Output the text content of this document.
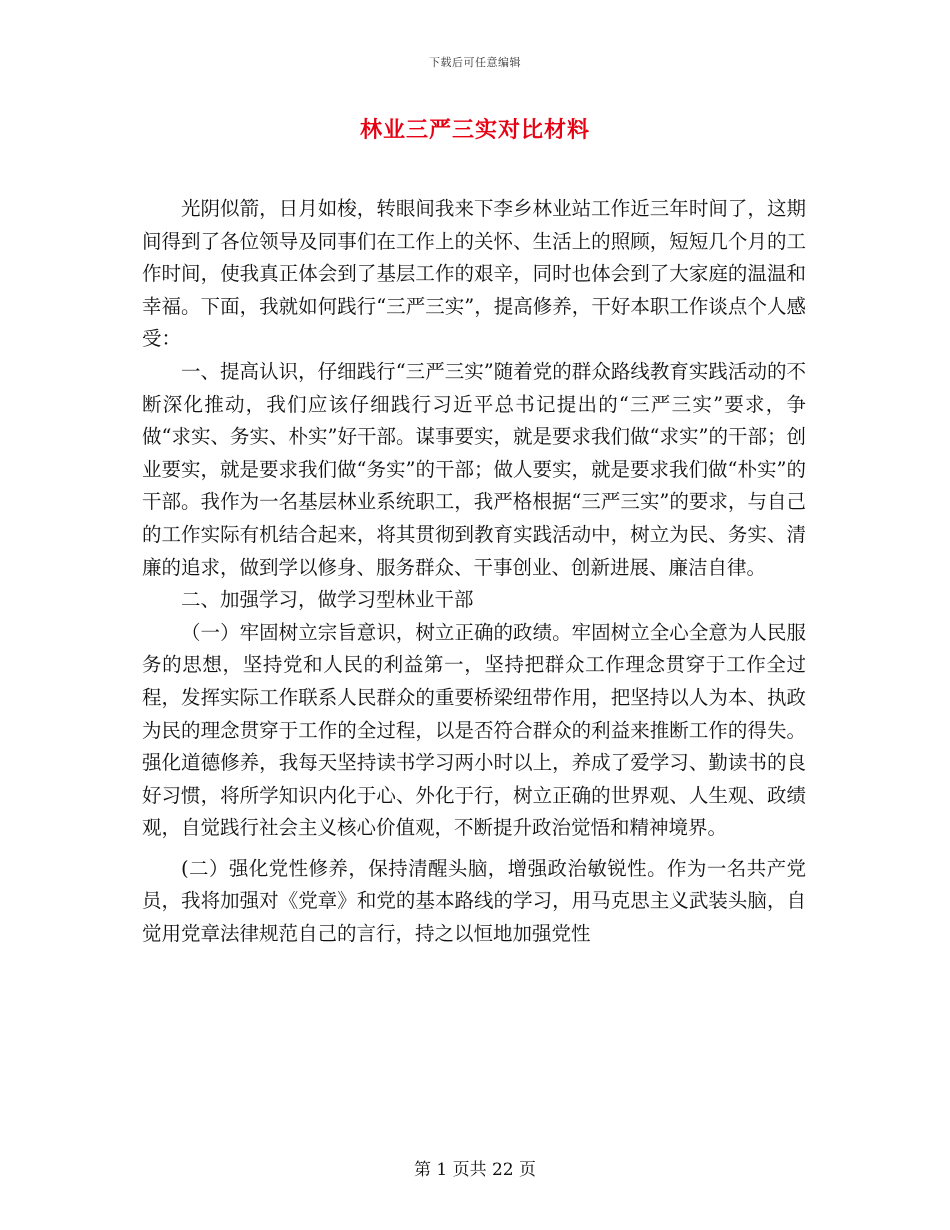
下载后可任意编辑
林业三严三实对比材料

光阴似箭，日月如梭，转眼间我来下李乡林业站工作近三年时间了，这期间得到了各位领导及同事们在工作上的关怀、生活上的照顾，短短几个月的工作时间，使我真正体会到了基层工作的艰辛，同时也体会到了大家庭的温温和幸福。下面，我就如何践行“三严三实”，提高修养，干好本职工作谈点个人感受：

一、提高认识，仔细践行“三严三实”随着党的群众路线教育实践活动的不断深化推动，我们应该仔细践行习近平总书记提出的“三严三实”要求，争做“求实、务实、朴实”好干部。谋事要实，就是要求我们做“求实”的干部；创业要实，就是要求我们做“务实”的干部；做人要实，就是要求我们做“朴实”的干部。我作为一名基层林业系统职工，我严格根据“三严三实”的要求，与自己的工作实际有机结合起来，将其贯彻到教育实践活动中，树立为民、务实、清廉的追求，做到学以修身、服务群众、干事创业、创新进展、廉洁自律。

二、加强学习，做学习型林业干部

（一）牢固树立宗旨意识，树立正确的政绩。牢固树立全心全意为人民服务的思想，坚持党和人民的利益第一，坚持把群众工作理念贯穿于工作全过程，发挥实际工作联系人民群众的重要桥梁纽带作用，把坚持以人为本、执政为民的理念贯穿于工作的全过程，以是否符合群众的利益来推断工作的得失。强化道德修养，我每天坚持读书学习两小时以上，养成了爱学习、勤读书的良好习惯，将所学知识内化于心、外化于行，树立正确的世界观、人生观、政绩观，自觉践行社会主义核心价值观，不断提升政治觉悟和精神境界。

(二）强化党性修养，保持清醒头脑，增强政治敏锐性。作为一名共产党员，我将加强对《党章》和党的基本路线的学习，用马克思主义武装头脑，自觉用党章法律规范自己的言行，持之以恒地加强党性

第 1 页共 22 页
